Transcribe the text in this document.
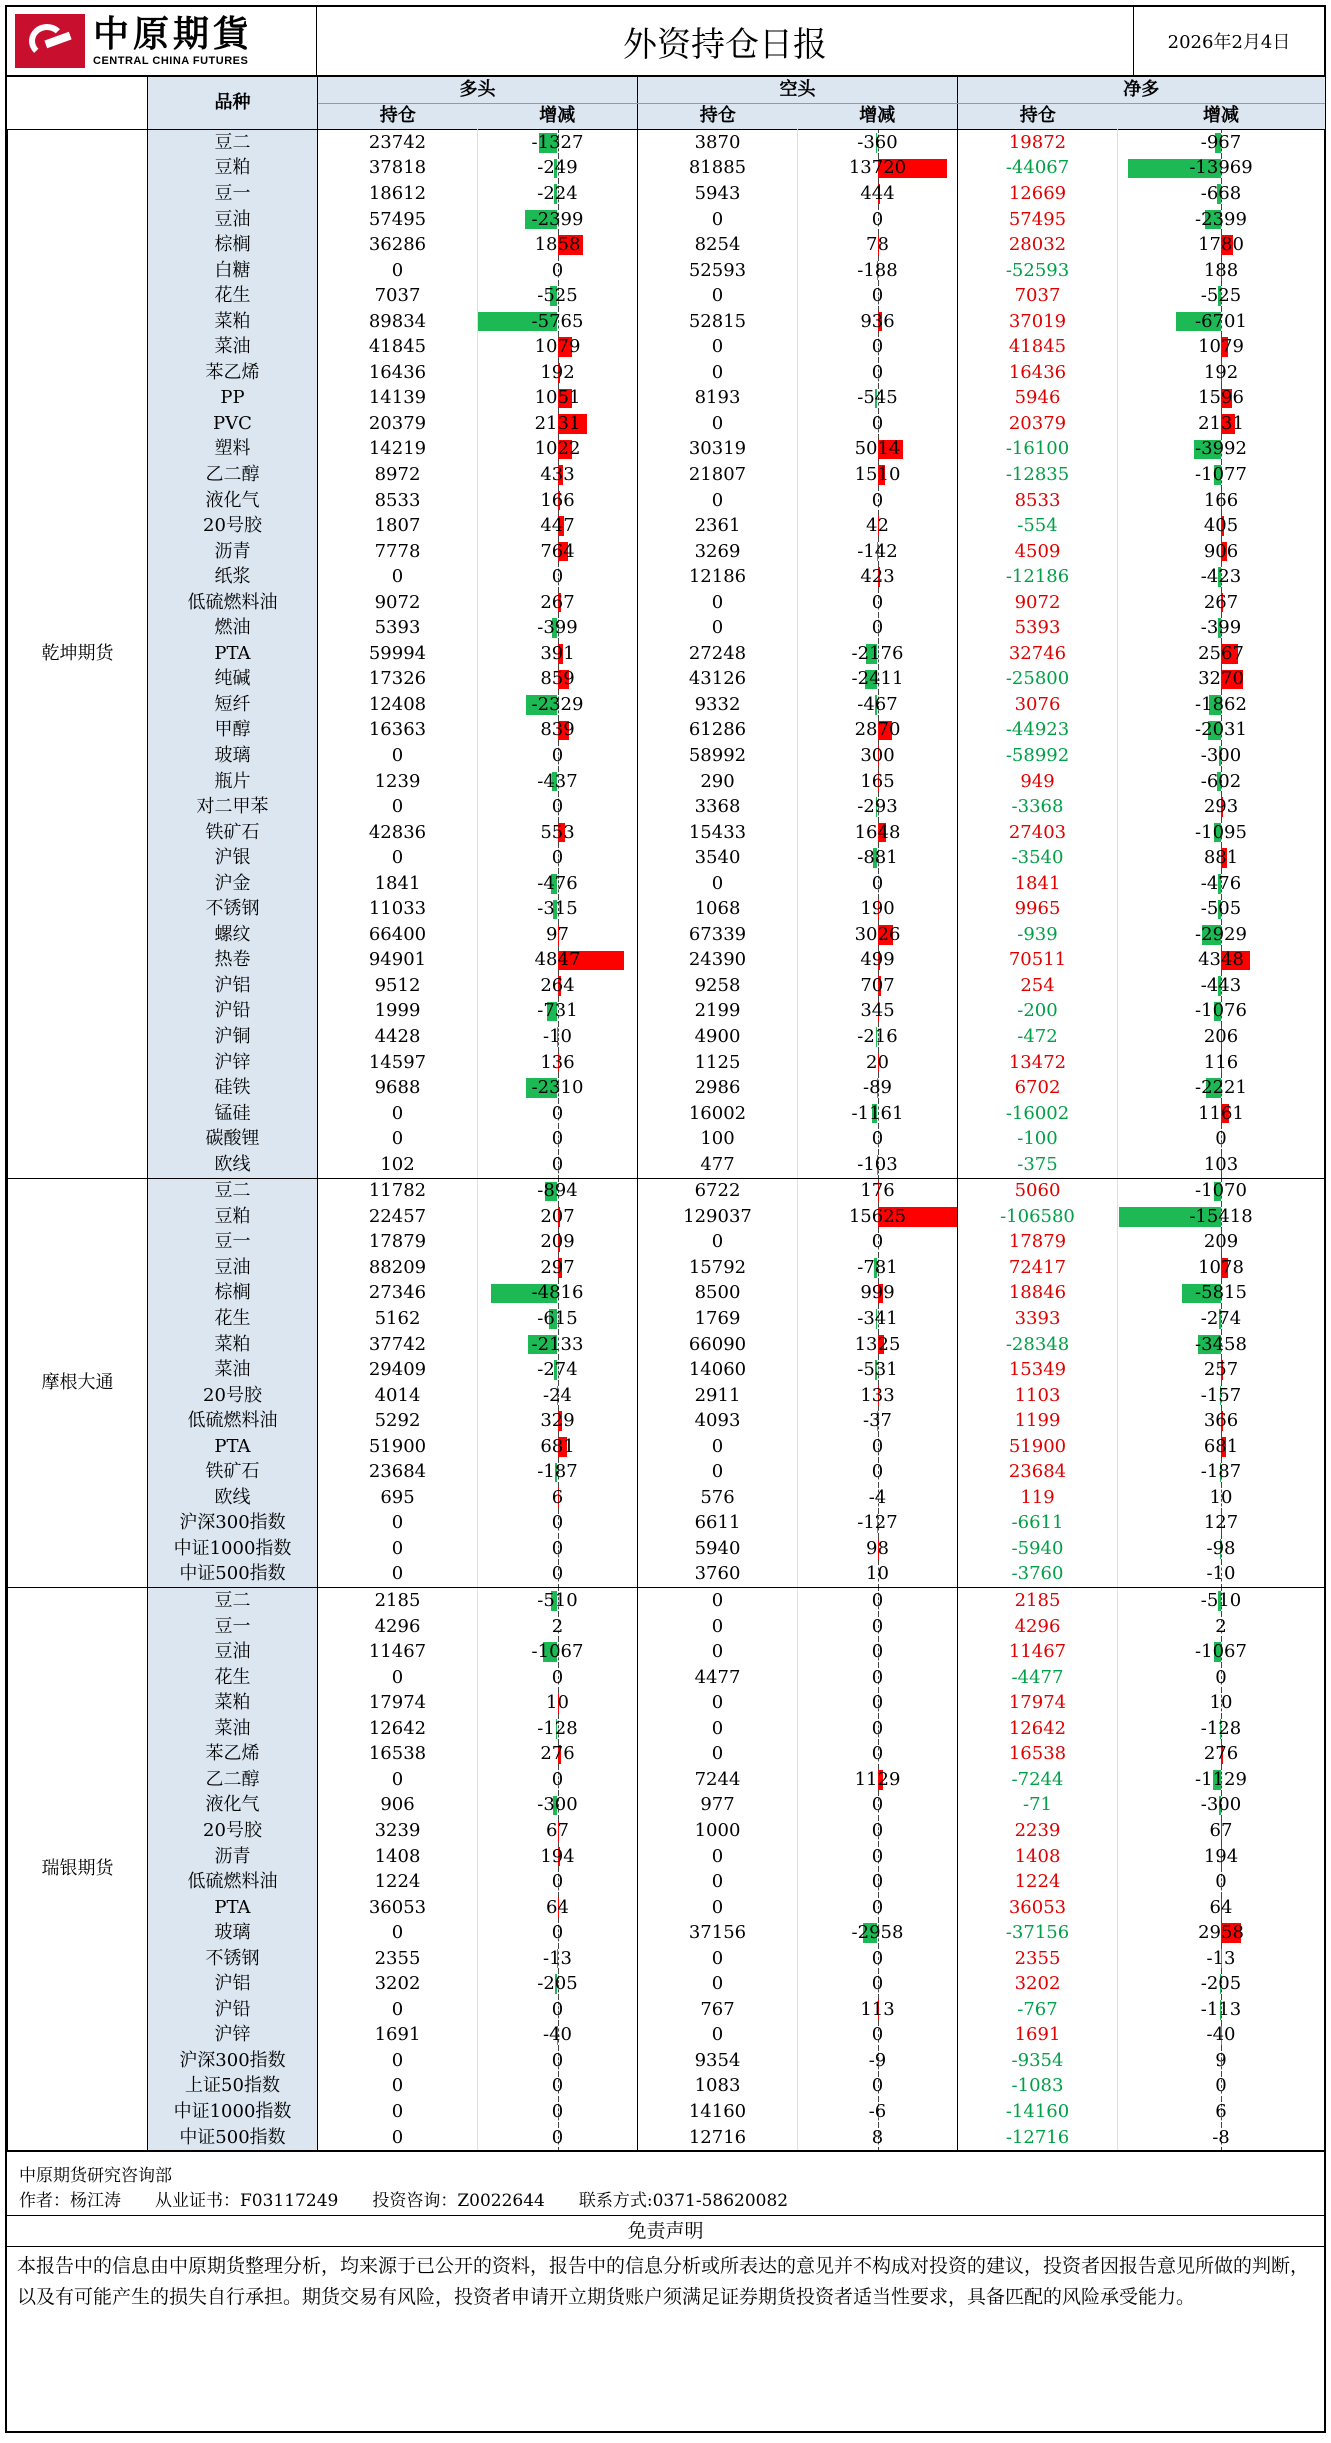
中原期貨
CENTRAL CHINA FUTURES	外资持仓日报	2026年2月4日
	品种	多头		空头		净多	
		持仓	增减	持仓	增减	持仓	增减
乾坤期货	豆二	23742	-1327	3870	-360	19872	-967
	豆粕	37818	-249	81885	13720	-44067	-13969
	豆一	18612	-224	5943	444	12669	-668
	豆油	57495	-2399	0	0	57495	-2399
	棕榈	36286	1858	8254	78	28032	1780
	白糖	0	0	52593	-188	-52593	188
	花生	7037	-525	0	0	7037	-525
	菜粕	89834	-5765	52815	936	37019	-6701
	菜油	41845	1079	0	0	41845	1079
	苯乙烯	16436	192	0	0	16436	192
	PP	14139	1051	8193	-545	5946	1596
	PVC	20379	2131	0	0	20379	2131
	塑料	14219	1022	30319	5014	-16100	-3992
	乙二醇	8972	433	21807	1510	-12835	-1077
	液化气	8533	166	0	0	8533	166
	20号胶	1807	447	2361	42	-554	405
	沥青	7778	764	3269	-142	4509	906
	纸浆	0	0	12186	423	-12186	-423
	低硫燃料油	9072	267	0	0	9072	267
	燃油	5393	-399	0	0	5393	-399
	PTA	59994	391	27248	-2176	32746	2567
	纯碱	17326	859	43126	-2411	-25800	3270
	短纤	12408	-2329	9332	-467	3076	-1862
	甲醇	16363	839	61286	2870	-44923	-2031
	玻璃	0	0	58992	300	-58992	-300
	瓶片	1239	-437	290	165	949	-602
	对二甲苯	0	0	3368	-293	-3368	293
	铁矿石	42836	553	15433	1648	27403	-1095
	沪银	0	0	3540	-881	-3540	881
	沪金	1841	-476	0	0	1841	-476
	不锈钢	11033	-315	1068	190	9965	-505
	螺纹	66400	97	67339	3026	-939	-2929
	热卷	94901	4847	24390	499	70511	4348
	沪铝	9512	264	9258	707	254	-443
	沪铅	1999	-731	2199	345	-200	-1076
	沪铜	4428	-10	4900	-216	-472	206
	沪锌	14597	136	1125	20	13472	116
	硅铁	9688	-2310	2986	-89	6702	-2221
	锰硅	0	0	16002	-1161	-16002	1161
	碳酸锂	0	0	100	0	-100	0
	欧线	102	0	477	-103	-375	103
摩根大通	豆二	11782	-894	6722	176	5060	-1070
	豆粕	22457	207	129037	15625	-106580	-15418
	豆一	17879	209	0	0	17879	209
	豆油	88209	297	15792	-781	72417	1078
	棕榈	27346	-4816	8500	999	18846	-5815
	花生	5162	-615	1769	-341	3393	-274
	菜粕	37742	-2133	66090	1325	-28348	-3458
	菜油	29409	-274	14060	-531	15349	257
	20号胶	4014	-24	2911	133	1103	-157
	低硫燃料油	5292	329	4093	-37	1199	366
	PTA	51900	681	0	0	51900	681
	铁矿石	23684	-187	0	0	23684	-187
	欧线	695	6	576	-4	119	10
	沪深300指数	0	0	6611	-127	-6611	127
	中证1000指数	0	0	5940	98	-5940	-98
	中证500指数	0	0	3760	10	-3760	-10
瑞银期货	豆二	2185	-510	0	0	2185	-510
	豆一	4296	2	0	0	4296	2
	豆油	11467	-1067	0	0	11467	-1067
	花生	0	0	4477	0	-4477	0
	菜粕	17974	10	0	0	17974	10
	菜油	12642	-128	0	0	12642	-128
	苯乙烯	16538	276	0	0	16538	276
	乙二醇	0	0	7244	1129	-7244	-1129
	液化气	906	-300	977	0	-71	-300
	20号胶	3239	67	1000	0	2239	67
	沥青	1408	194	0	0	1408	194
	低硫燃料油	1224	0	0	0	1224	0
	PTA	36053	64	0	0	36053	64
	玻璃	0	0	37156	-2958	-37156	2958
	不锈钢	2355	-13	0	0	2355	-13
	沪铝	3202	-205	0	0	3202	-205
	沪铅	0	0	767	113	-767	-113
	沪锌	1691	-40	0	0	1691	-40
	沪深300指数	0	0	9354	-9	-9354	9
	上证50指数	0	0	1083	0	-1083	0
	中证1000指数	0	0	14160	-6	-14160	6
	中证500指数	0	0	12716	8	-12716	-8
中原期货研究咨询部
作者：杨江涛　　从业证书：F03117249　　投资咨询：Z0022644　　联系方式:0371-58620082
免责声明
本报告中的信息由中原期货整理分析，均来源于已公开的资料，报告中的信息分析或所表达的意见并不构成对投资的建议，投资者因报告意见所做的判断，以及有可能产生的损失自行承担。期货交易有风险，投资者申请开立期货账户须满足证券期货投资者适当性要求，具备匹配的风险承受能力。
